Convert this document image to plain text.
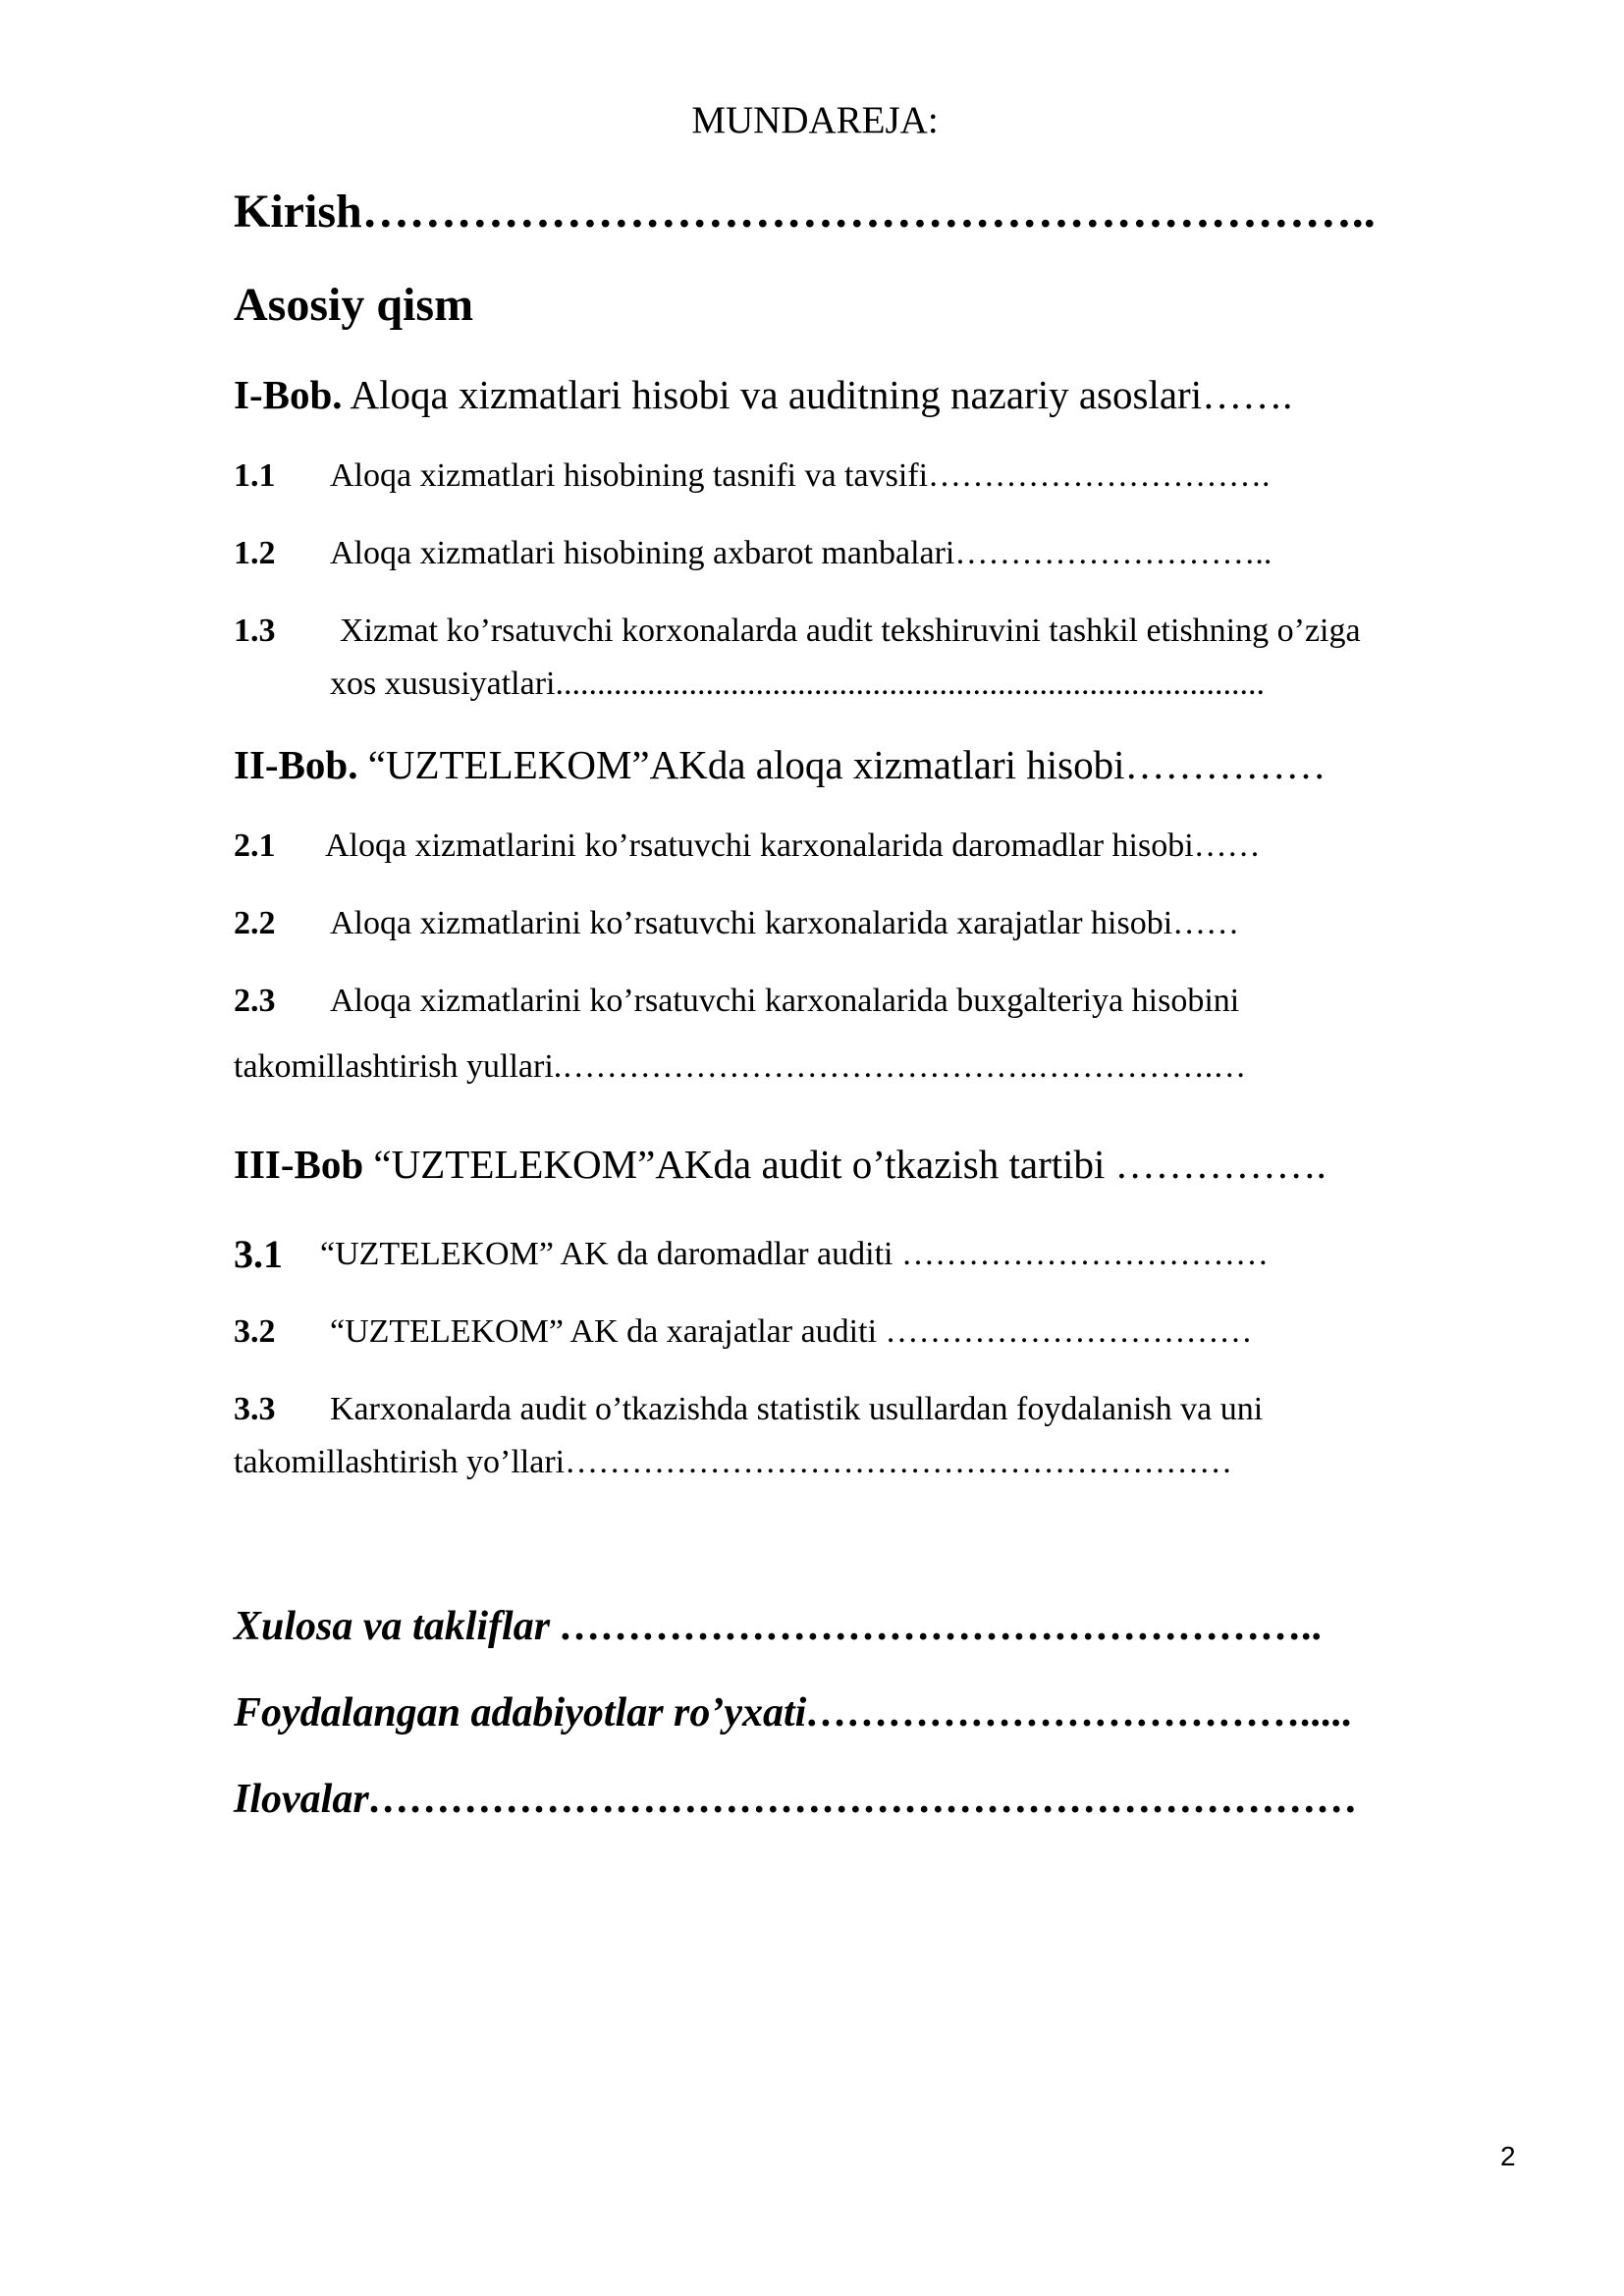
MUNDAREJA:
Kirish………………………………………………………..
Asosiy qism
I-Bob. Aloqa xizmatlari hisobi va auditning nazariy asoslari…….
1.1 Aloqa xizmatlari hisobining tasnifi va tavsifi………………………….
1.2 Aloqa xizmatlari hisobining axbarot manbalari………………………..
1.3 Xizmat ko’rsatuvchi korxonalarda audit tekshiruvini tashkil etishning o’ziga
xos xususiyatlari.....................................................................................
II-Bob. “UZTELEKOM”AKda aloqa xizmatlari hisobi……………
2.1 Aloqa xizmatlarini ko’rsatuvchi karxonalarida daromadlar hisobi……
2.2 Aloqa xizmatlarini ko’rsatuvchi karxonalarida xarajatlar hisobi……
2.3 Aloqa xizmatlarini ko’rsatuvchi karxonalarida buxgalteriya hisobini
takomillashtirish yullari.…………………………………….…………….…
III-Bob “UZTELEKOM”AKda audit o’tkazish tartibi …………….
3.1 “UZTELEKOM” AK da daromadlar auditi ……………………………
3.2 “UZTELEKOM” AK da xarajatlar auditi ……………………………
3.3 Karxonalarda audit o’tkazishda statistik usullardan foydalanish va uni
takomillashtirish yo’llari……………………………………………………
Xulosa va takliflar ………………………………………………..
Foydalangan adabiyotlar ro’yxati……………………………….....
Ilovalar………………………………………………………………
2
